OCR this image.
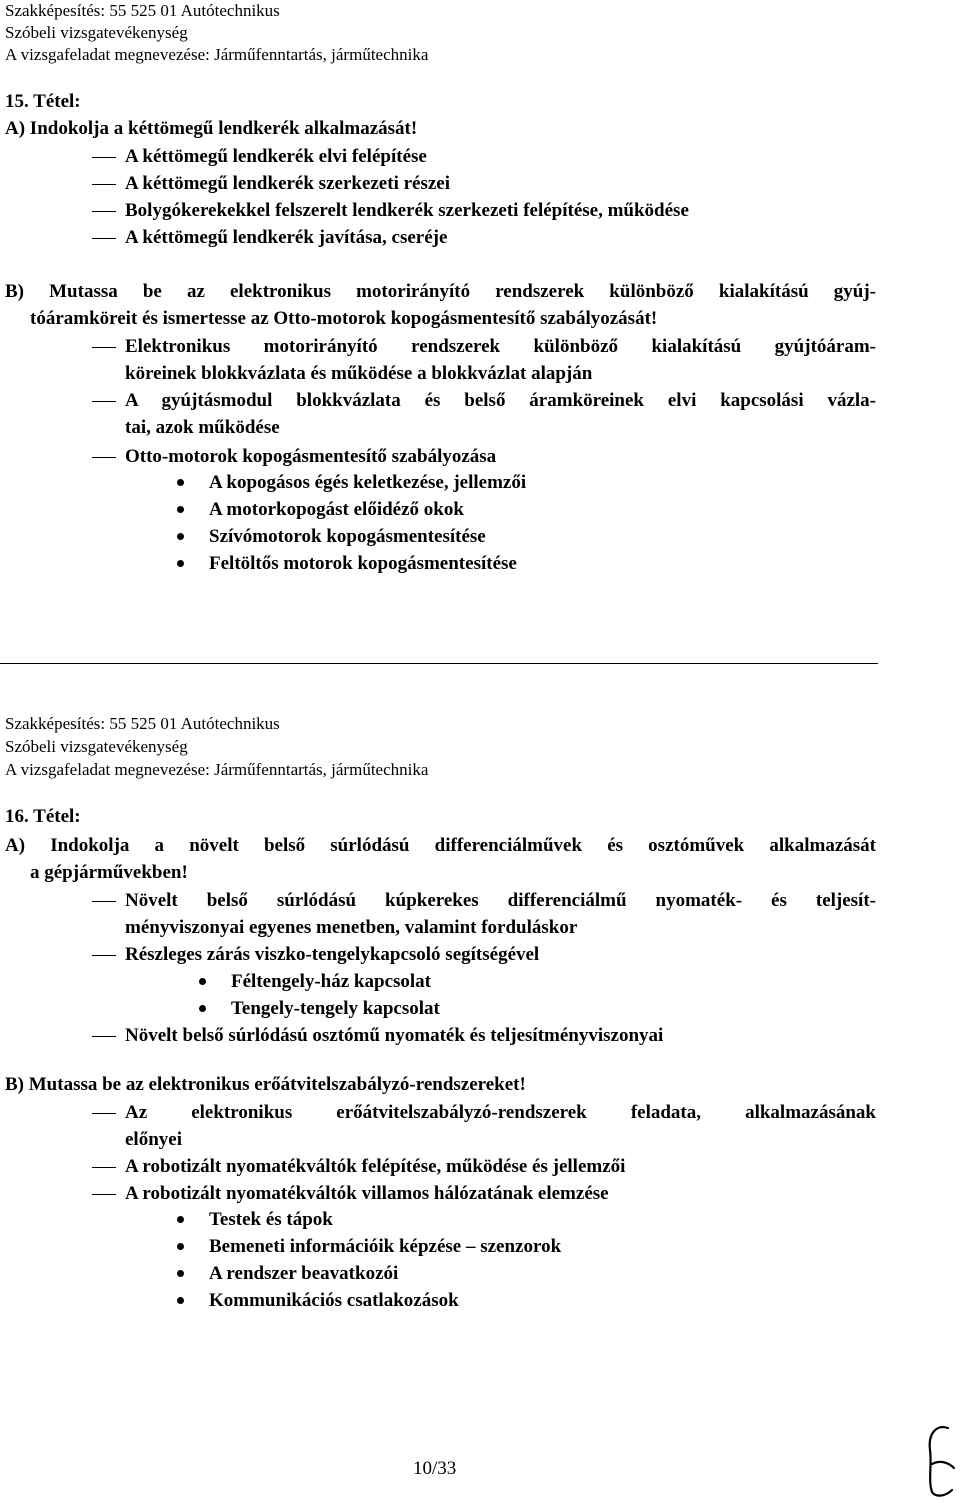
Szakképesítés: 55 525 01 Autótechnikus
Szóbeli vizsgatevékenység
A vizsgafeladat megnevezése: Járműfenntartás, járműtechnika
15. Tétel:
A) Indokolja a kéttömegű lendkerék alkalmazását!
A kéttömegű lendkerék elvi felépítése
A kéttömegű lendkerék szerkezeti részei
Bolygókerekekkel felszerelt lendkerék szerkezeti felépítése, működése
A kéttömegű lendkerék javítása, cseréje
B) Mutassa be az elektronikus motorirányító rendszerek különböző kialakítású gyúj-
tóáramköreit és ismertesse az Otto-motorok kopogásmentesítő szabályozását!
Elektronikus motorirányító rendszerek különböző kialakítású gyújtóáram-
köreinek blokkvázlata és működése a blokkvázlat alapján
A gyújtásmodul blokkvázlata és belső áramköreinek elvi kapcsolási vázla-
tai, azok működése
Otto-motorok kopogásmentesítő szabályozása
A kopogásos égés keletkezése, jellemzői
A motorkopogást előidéző okok
Szívómotorok kopogásmentesítése
Feltöltős motorok kopogásmentesítése
Szakképesítés: 55 525 01 Autótechnikus
Szóbeli vizsgatevékenység
A vizsgafeladat megnevezése: Járműfenntartás, járműtechnika
16. Tétel:
A) Indokolja a növelt belső súrlódású differenciálművek és osztóművek alkalmazását
a gépjárművekben!
Növelt belső súrlódású kúpkerekes differenciálmű nyomaték- és teljesít-
ményviszonyai egyenes menetben, valamint forduláskor
Részleges zárás viszko-tengelykapcsoló segítségével
Féltengely-ház kapcsolat
Tengely-tengely kapcsolat
Növelt belső súrlódású osztómű nyomaték és teljesítményviszonyai
B) Mutassa be az elektronikus erőátvitelszabályzó-rendszereket!
Az elektronikus erőátvitelszabályzó-rendszerek feladata, alkalmazásának
előnyei
A robotizált nyomatékváltók felépítése, működése és jellemzői
A robotizált nyomatékváltók villamos hálózatának elemzése
Testek és tápok
Bemeneti információik képzése – szenzorok
A rendszer beavatkozói
Kommunikációs csatlakozások
10/33
